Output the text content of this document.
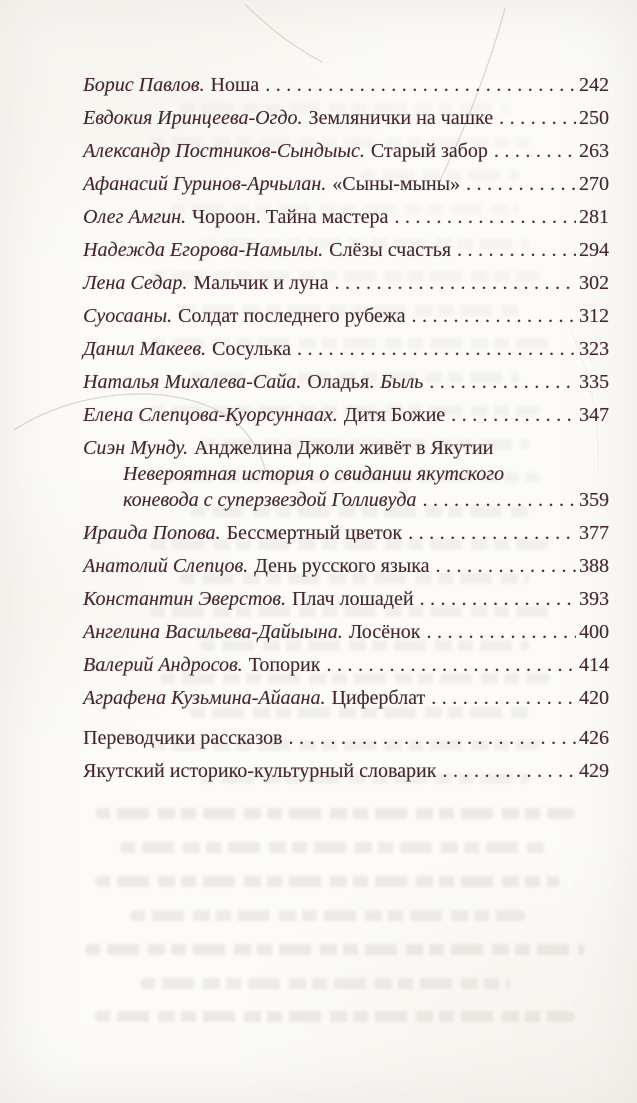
Борис Павлов. Ноша .....	242
Евдокия Иринцеева-Огдо. Землянички на чашке .....	250
Александр Постников-Сындыыс. Старый забор .....	263
Афанасий Гуринов-Арчылан. «Сыны-мыны» .....	270
Олег Амгин. Чороон. Тайна мастера .....	281
Надежда Егорова-Намылы. Слёзы счастья .....	294
Лена Седар. Мальчик и луна .....	302
Суосааны. Солдат последнего рубежа .....	312
Данил Макеев. Сосулька .....	323
Наталья Михалева-Сайа. Оладья. Быль .....	335
Елена Слепцова-Куорсуннаах. Дитя Божие .....	347
Сиэн Мунду. Анджелина Джоли живёт в Якутии
Невероятная история о свидании якутского
коневода с суперзвездой Голливуда .....	359
Ираида Попова. Бессмертный цветок .....	377
Анатолий Слепцов. День русского языка .....	388
Константин Эверстов. Плач лошадей .....	393
Ангелина Васильева-Дайыына. Лосёнок .....	400
Валерий Андросов. Топорик .....	414
Аграфена Кузьмина-Айаана. Циферблат .....	420
Переводчики рассказов .....	426
Якутский историко-культурный словарик .....	429
